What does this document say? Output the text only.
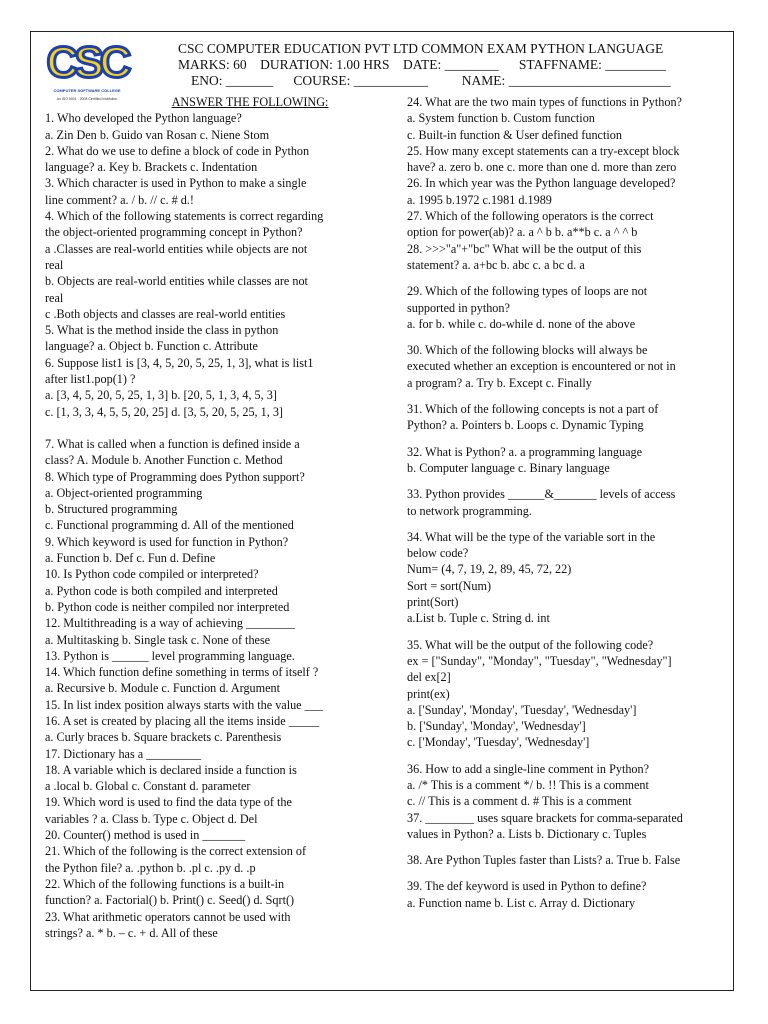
CSC
COMPUTER SOFTWARE COLLEGE
An ISO 9001 : 2008 Certified Institution
CSC COMPUTER EDUCATION PVT LTD COMMON EXAM PYTHON LANGUAGE
MARKS: 60    DURATION: 1.00 HRS    DATE: ________      STAFFNAME: _________
ENO: _______      COURSE: ___________          NAME: ________________________
ANSWER THE FOLLOWING:
1. Who developed the Python language?
a. Zin Den b. Guido van Rosan c. Niene Stom
2. What do we use to define a block of code in Python
language? a. Key b. Brackets c. Indentation
3. Which character is used in Python to make a single
line comment? a. / b. // c. # d.!
4. Which of the following statements is correct regarding
the object-oriented programming concept in Python?
a .Classes are real-world entities while objects are not
real
b. Objects are real-world entities while classes are not
real
c .Both objects and classes are real-world entities
5. What is the method inside the class in python
language? a. Object b. Function c. Attribute
6. Suppose list1 is [3, 4, 5, 20, 5, 25, 1, 3], what is list1
after list1.pop(1) ?
a. [3, 4, 5, 20, 5, 25, 1, 3] b. [20, 5, 1, 3, 4, 5, 3]
c. [1, 3, 3, 4, 5, 5, 20, 25] d. [3, 5, 20, 5, 25, 1, 3]
7. What is called when a function is defined inside a
class? A. Module b. Another Function c. Method
8. Which type of Programming does Python support?
a. Object-oriented programming
b. Structured programming
c. Functional programming d. All of the mentioned
9. Which keyword is used for function in Python?
a. Function b. Def c. Fun d. Define
10. Is Python code compiled or interpreted?
a. Python code is both compiled and interpreted
b. Python code is neither compiled nor interpreted
12. Multithreading is a way of achieving ________
a. Multitasking b. Single task c. None of these
13. Python is ______ level programming language.
14. Which function define something in terms of itself ?
a. Recursive b. Module c. Function d. Argument
15. In list index position always starts with the value ___
16. A set is created by placing all the items inside _____
a. Curly braces b. Square brackets c. Parenthesis
17. Dictionary has a _________
18. A variable which is declared inside a function is
a .local b. Global c. Constant d. parameter
19. Which word is used to find the data type of the
variables ? a. Class b. Type c. Object d. Del
20. Counter() method is used in _______
21. Which of the following is the correct extension of
the Python file? a. .python b. .pl c. .py d. .p
22. Which of the following functions is a built-in
function? a. Factorial() b. Print() c. Seed() d. Sqrt()
23. What arithmetic operators cannot be used with
strings? a. * b. – c. + d. All of these
24. What are the two main types of functions in Python?
a. System function b. Custom function
c. Built-in function & User defined function
25. How many except statements can a try-except block
have? a. zero b. one c. more than one d. more than zero
26. In which year was the Python language developed?
a. 1995 b.1972 c.1981 d.1989
27. Which of the following operators is the correct
option for power(ab)? a. a ^ b b. a**b c. a ^ ^ b
28. >>>"a"+"bc" What will be the output of this
statement? a. a+bc b. abc c. a bc d. a
29. Which of the following types of loops are not
supported in python?
a. for b. while c. do-while d. none of the above
30. Which of the following blocks will always be
executed whether an exception is encountered or not in
a program? a. Try b. Except c. Finally
31. Which of the following concepts is not a part of
Python? a. Pointers b. Loops c. Dynamic Typing
32. What is Python? a. a programming language
b. Computer language c. Binary language
33. Python provides ______&_______ levels of access
to network programming.
34. What will be the type of the variable sort in the
below code?
Num= (4, 7, 19, 2, 89, 45, 72, 22)
Sort = sort(Num)
print(Sort)
a.List b. Tuple c. String d. int
35. What will be the output of the following code?
ex = ["Sunday", "Monday", "Tuesday", "Wednesday"]
del ex[2]
print(ex)
a. ['Sunday', 'Monday', 'Tuesday', 'Wednesday']
b. ['Sunday', 'Monday', 'Wednesday']
c. ['Monday', 'Tuesday', 'Wednesday']
36. How to add a single-line comment in Python?
a. /* This is a comment */ b. !! This is a comment
c. // This is a comment d. # This is a comment
37. ________ uses square brackets for comma-separated
values in Python? a. Lists b. Dictionary c. Tuples
38. Are Python Tuples faster than Lists? a. True b. False
39. The def keyword is used in Python to define?
a. Function name b. List c. Array d. Dictionary
